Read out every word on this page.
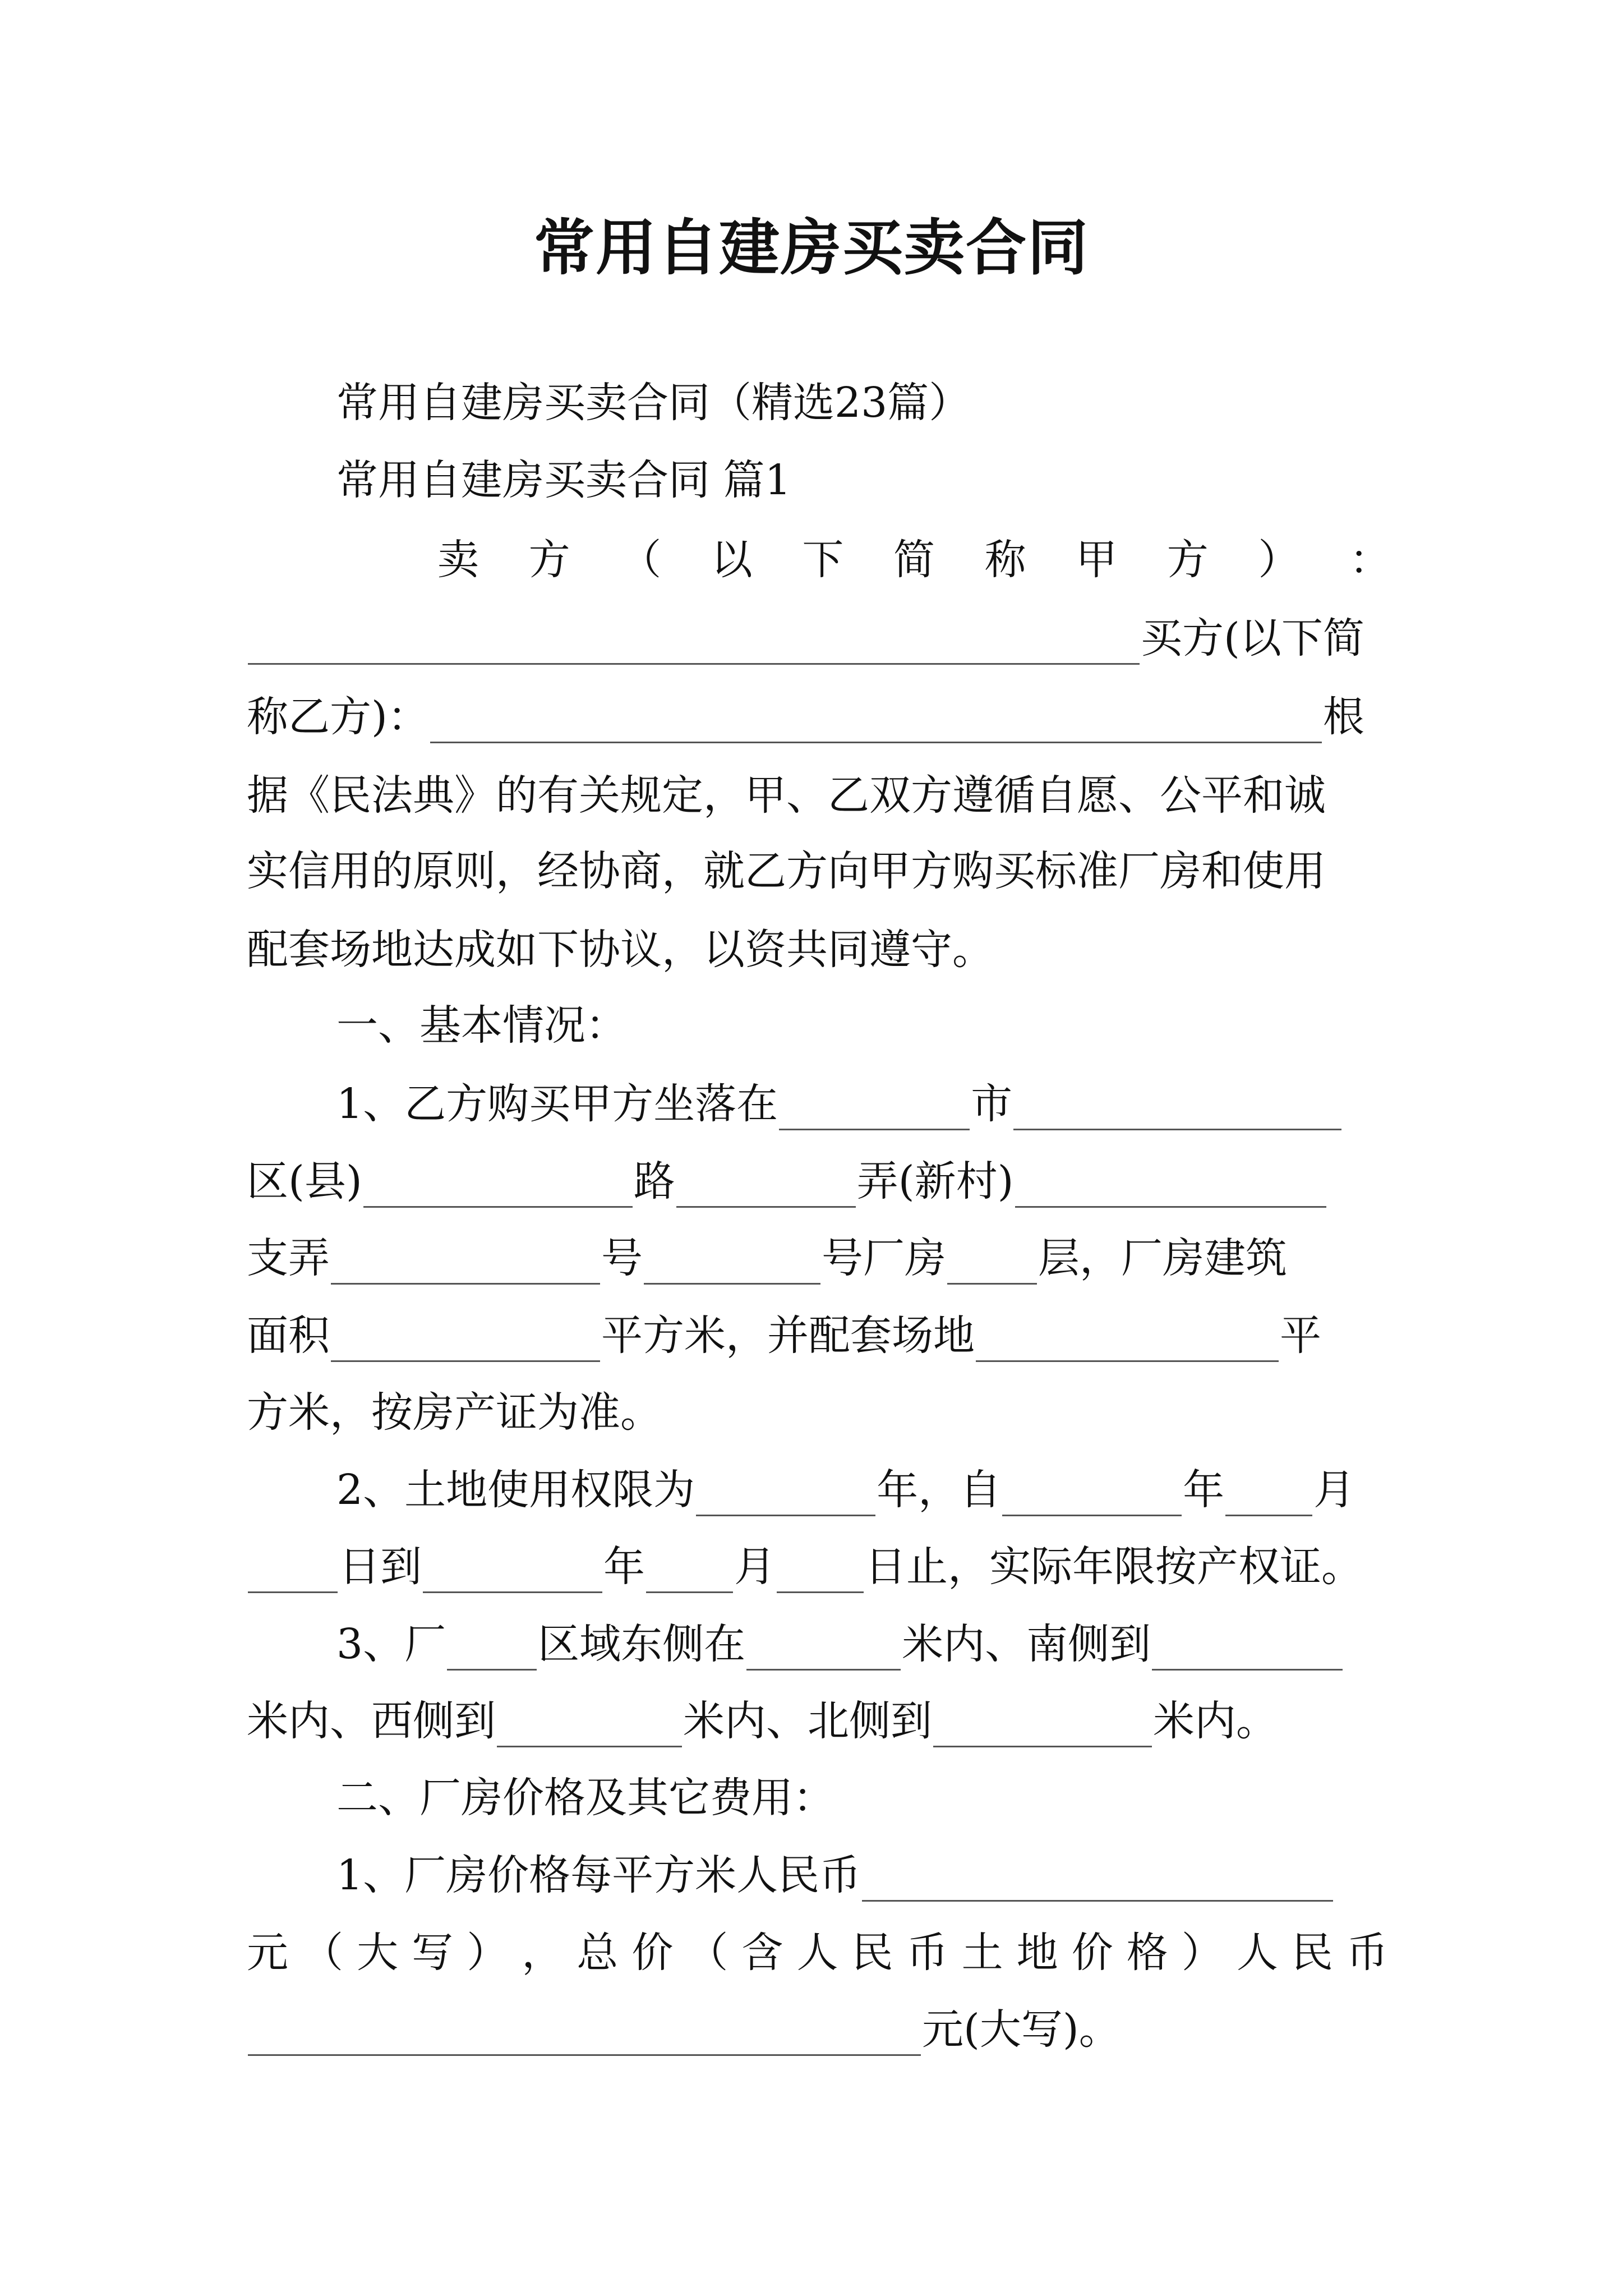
常用自建房买卖合同
常用自建房买卖合同（精选23篇）
常用自建房买卖合同 篇1
卖 方 （ 以 下 简 称 甲 方 ） ：
买方(以下简
称乙方)：	根
据《民法典》的有关规定，甲、乙双方遵循自愿、公平和诚
实信用的原则，经协商，就乙方向甲方购买标准厂房和使用
配套场地达成如下协议，以资共同遵守。
一、基本情况：
1、乙方购买甲方坐落在	市
区(县)	路	弄(新村)
支弄	号	号厂房 层，厂房建筑
面积	平方米，并配套场地	平
方米，按房产证为准。
2、土地使用权限为	年，自	年 月
日到	年 月 日止，实际年限按产权证。
3、厂 区域东侧在	米内、南侧到
米内、西侧到	米内、北侧到	米内。
二、厂房价格及其它费用：
1、厂房价格每平方米人民币
元 （ 大 写 ） ， 总 价 （ 含 人 民 币 土 地 价 格 ） 人 民 币
元(大写)。
